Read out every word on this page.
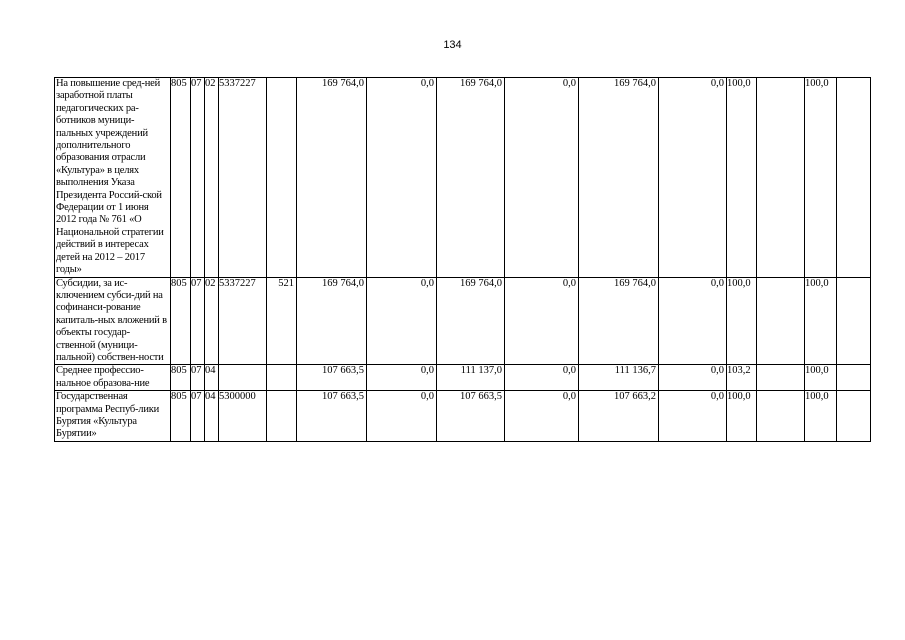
134
На повышение сред-ней заработной платы педагогических ра-ботников муници-пальных учреждений дополнительного образования отрасли «Культура» в целях выполнения Указа Президента Россий-ской Федерации от 1 июня 2012 года № 761 «О Национальной стратегии действий в интересах детей на 2012 – 2017 годы»	805	07	02	5337227		169 764,0	0,0	169 764,0	0,0	169 764,0	0,0	100,0		100,0	
Субсидии, за ис-ключением субси-дий на софинанси-рование капиталь-ных вложений в объекты государ-ственной (муници-пальной) собствен-ности	805	07	02	5337227	521	169 764,0	0,0	169 764,0	0,0	169 764,0	0,0	100,0		100,0	
Среднее профессио-нальное образова-ние	805	07	04			107 663,5	0,0	111 137,0	0,0	111 136,7	0,0	103,2		100,0	
Государственная программа Респуб-лики Бурятия «Культура Бурятии»	805	07	04	5300000		107 663,5	0,0	107 663,5	0,0	107 663,2	0,0	100,0		100,0	
